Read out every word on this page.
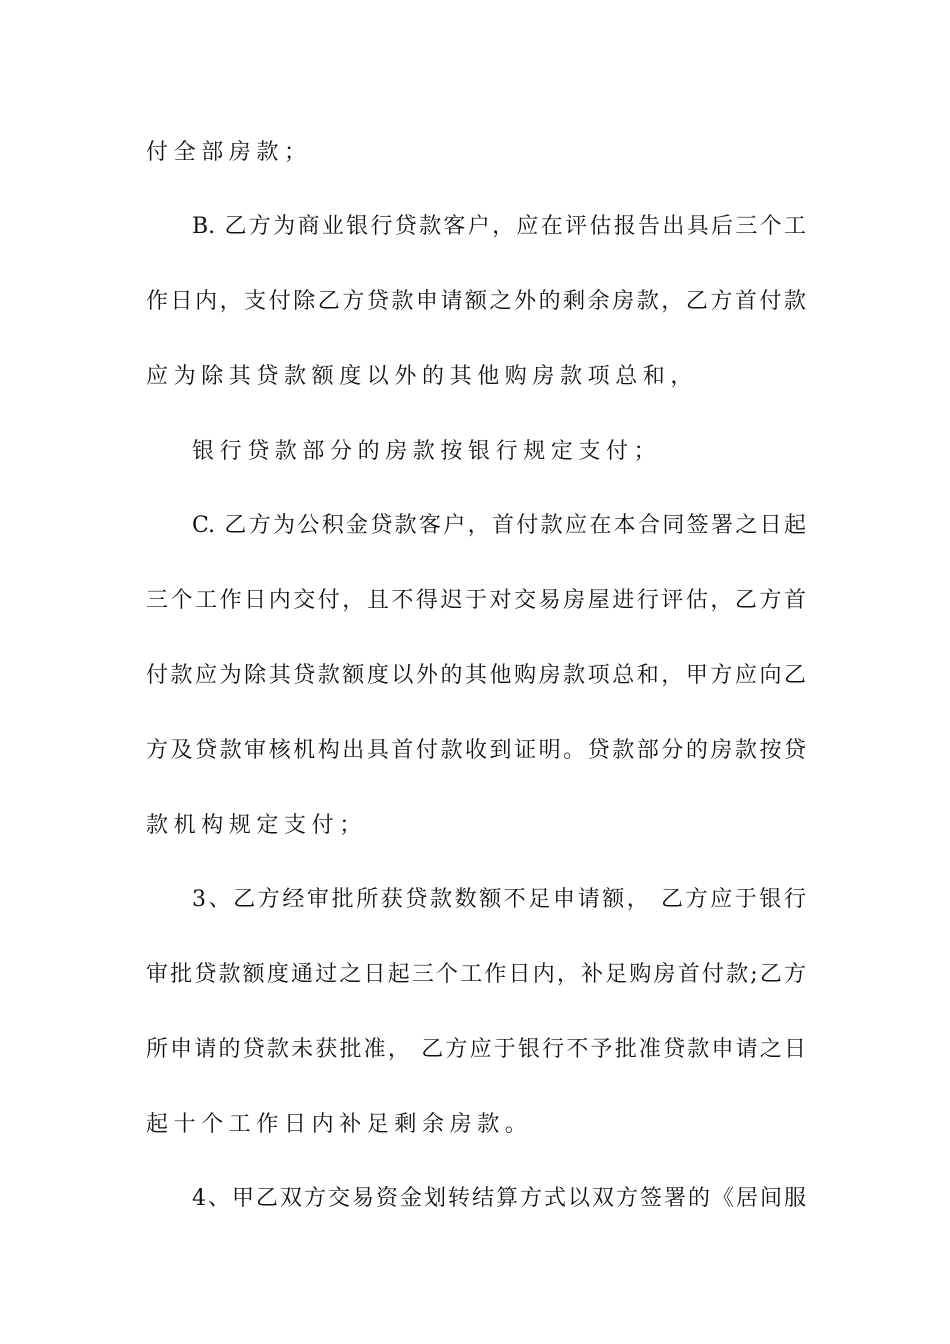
付全部房款；
B. 乙方为商业银行贷款客户，应在评估报告出具后三个工
作日内，支付除乙方贷款申请额之外的剩余房款，乙方首付款
应为除其贷款额度以外的其他购房款项总和，
银行贷款部分的房款按银行规定支付；
C. 乙方为公积金贷款客户，首付款应在本合同签署之日起
三个工作日内交付，且不得迟于对交易房屋进行评估，乙方首
付款应为除其贷款额度以外的其他购房款项总和，甲方应向乙
方及贷款审核机构出具首付款收到证明。贷款部分的房款按贷
款机构规定支付；
3、乙方经审批所获贷款数额不足申请额， 乙方应于银行
审批贷款额度通过之日起三个工作日内，补足购房首付款;乙方
所申请的贷款未获批准， 乙方应于银行不予批准贷款申请之日
起十个工作日内补足剩余房款。
4、甲乙双方交易资金划转结算方式以双方签署的《居间服
